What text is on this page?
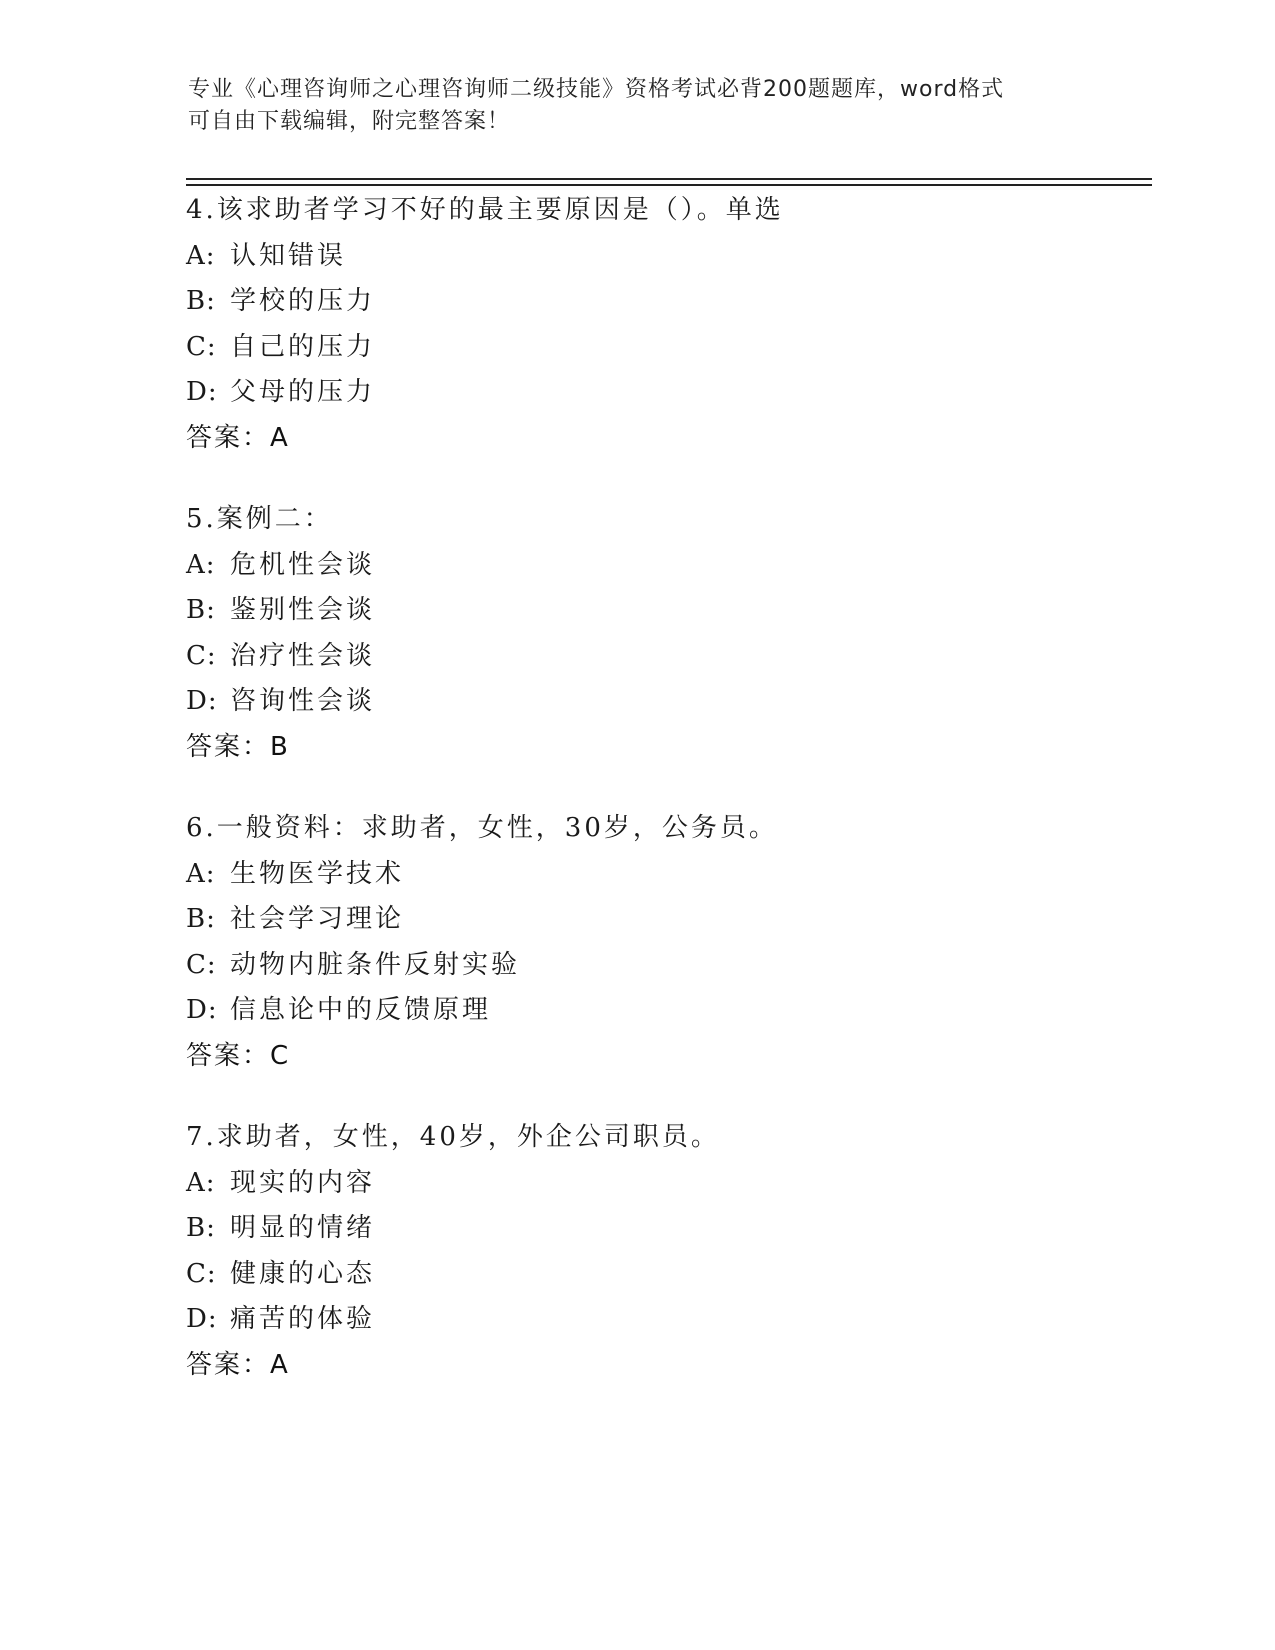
专业《心理咨询师之心理咨询师二级技能》资格考试必背200题题库，word格式
可自由下载编辑，附完整答案！
4.该求助者学习不好的最主要原因是（）。单选
A: 认知错误
B: 学校的压力
C: 自己的压力
D: 父母的压力
答案：A
5.案例二：
A: 危机性会谈
B: 鉴别性会谈
C: 治疗性会谈
D: 咨询性会谈
答案：B
6.一般资料：求助者，女性，30岁，公务员。
A: 生物医学技术
B: 社会学习理论
C: 动物内脏条件反射实验
D: 信息论中的反馈原理
答案：C
7.求助者，女性，40岁，外企公司职员。
A: 现实的内容
B: 明显的情绪
C: 健康的心态
D: 痛苦的体验
答案：A
